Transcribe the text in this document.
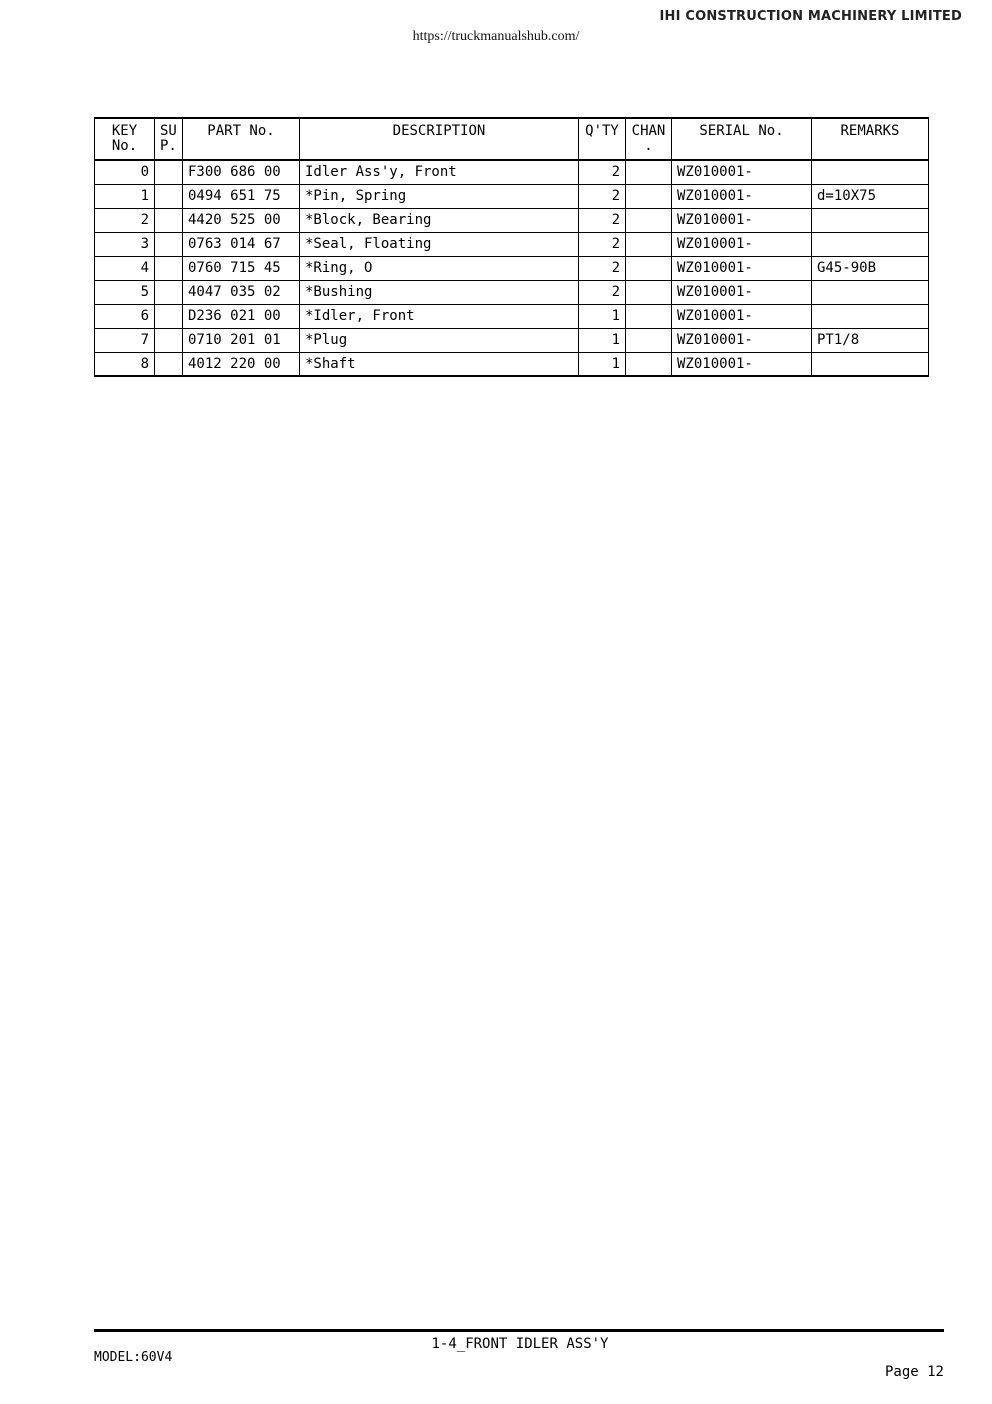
IHI CONSTRUCTION MACHINERY LIMITED
https://truckmanualshub.com/
KEY No.	SU P.	PART No.	DESCRIPTION	Q'TY	CHAN .	SERIAL No.	REMARKS
0		F300 686 00	Idler Ass'y, Front	2		WZ010001-	
1		0494 651 75	*Pin, Spring	2		WZ010001-	d=10X75
2		4420 525 00	*Block, Bearing	2		WZ010001-	
3		0763 014 67	*Seal, Floating	2		WZ010001-	
4		0760 715 45	*Ring, O	2		WZ010001-	G45-90B
5		4047 035 02	*Bushing	2		WZ010001-	
6		D236 021 00	*Idler, Front	1		WZ010001-	
7		0710 201 01	*Plug	1		WZ010001-	PT1/8
8		4012 220 00	*Shaft	1		WZ010001-	
1-4_FRONT IDLER ASS'Y
MODEL:60V4
Page 12
